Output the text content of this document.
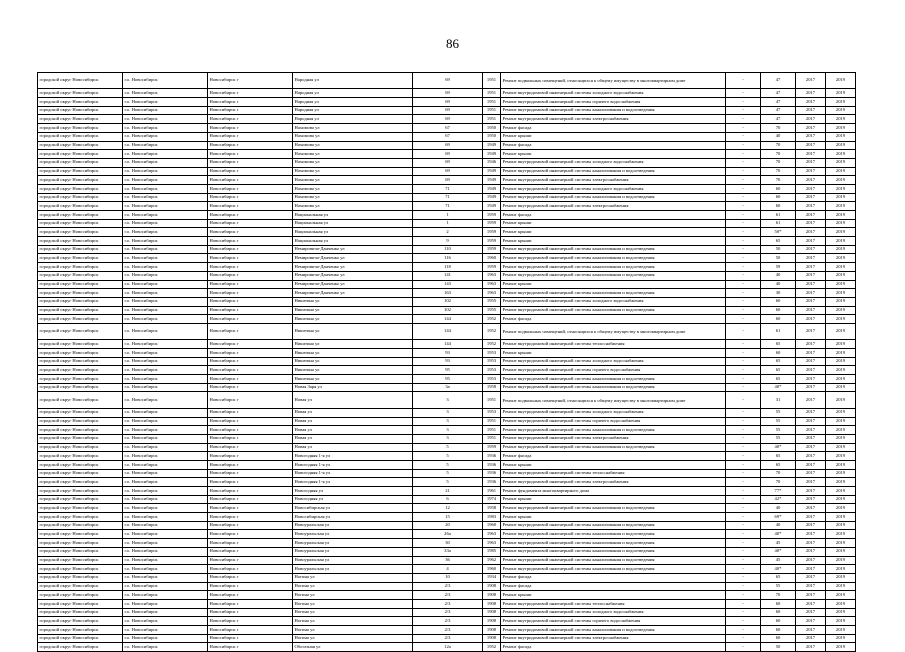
86
городской округ Новосибирск	г.о. Новосибирск	Новосибирск г	Народная ул	69	1951	Ремонт подвальных помещений, относящихся к общему имуществу в многоквартирном доме	-	47	2017	2019
городской округ Новосибирск	г.о. Новосибирск	Новосибирск г	Народная ул	69	1951	Ремонт внутридомовой инженерной системы холодного водоснабжения	-	47	2017	2019
городской округ Новосибирск	г.о. Новосибирск	Новосибирск г	Народная ул	69	1951	Ремонт внутридомовой инженерной системы горячего водоснабжения	-	47	2017	2019
городской округ Новосибирск	г.о. Новосибирск	Новосибирск г	Народная ул	69	1951	Ремонт внутридомовой инженерной системы канализования и водоотведения	-	47	2017	2019
городской округ Новосибирск	г.о. Новосибирск	Новосибирск г	Народная ул	69	1951	Ремонт внутридомовой инженерной системы электроснабжения	-	47	2017	2019
городской округ Новосибирск	г.о. Новосибирск	Новосибирск г	Нахимова ул	67	1950	Ремонт фасада	-	70	2017	2019
городской округ Новосибирск	г.о. Новосибирск	Новосибирск г	Нахимова ул	67	1950	Ремонт крыши	-	40	2017	2019
городской округ Новосибирск	г.о. Новосибирск	Новосибирск г	Нахимова ул	69	1949	Ремонт фасада	-	70	2017	2019
городской округ Новосибирск	г.о. Новосибирск	Новосибирск г	Нахимова ул	69	1949	Ремонт крыши	-	70	2017	2019
городской округ Новосибирск	г.о. Новосибирск	Новосибирск г	Нахимова ул	69	1946	Ремонт внутридомовой инженерной системы холодного водоснабжения	-	70	2017	2019
городской округ Новосибирск	г.о. Новосибирск	Новосибирск г	Нахимова ул	69	1949	Ремонт внутридомовой инженерной системы канализования и водоотведения	-	70	2017	2019
городской округ Новосибирск	г.о. Новосибирск	Новосибирск г	Нахимова ул	69	1949	Ремонт внутридомовой инженерной системы электроснабжения	-	70	2017	2019
городской округ Новосибирск	г.о. Новосибирск	Новосибирск г	Нахимова ул	71	1949	Ремонт внутридомовой инженерной системы холодного водоснабжения	-	60	2017	2019
городской округ Новосибирск	г.о. Новосибирск	Новосибирск г	Нахимова ул	71	1949	Ремонт внутридомовой инженерной системы канализования и водоотведения	-	60	2017	2019
городской округ Новосибирск	г.о. Новосибирск	Новосибирск г	Нахимова ул	71	1949	Ремонт внутридомовой инженерной системы электроснабжения	-	60	2017	2019
городской округ Новосибирск	г.о. Новосибирск	Новосибирск г	Национальная ул	1	1959	Ремонт фасада	-	61	2017	2019
городской округ Новосибирск	г.о. Новосибирск	Новосибирск г	Национальная ул	1	1959	Ремонт крыши	-	61	2017	2019
городской округ Новосибирск	г.о. Новосибирск	Новосибирск г	Национальная ул	2	1959	Ремонт крыши	-	50*	2017	2019
городской округ Новосибирск	г.о. Новосибирск	Новосибирск г	Национальная ул	9	1959	Ремонт крыши	-	65	2017	2019
городской округ Новосибирск	г.о. Новосибирск	Новосибирск г	Немировича-Данченко ул	110	1959	Ремонт внутридомовой инженерной системы канализования и водоотведения	-	50	2017	2019
городской округ Новосибирск	г.о. Новосибирск	Новосибирск г	Немировича-Данченко ул	116	1960	Ремонт внутридомовой инженерной системы канализования и водоотведения	-	50	2017	2019
городской округ Новосибирск	г.о. Новосибирск	Новосибирск г	Немировича-Данченко ул	118	1959	Ремонт внутридомовой инженерной системы канализования и водоотведения	-	59	2017	2019
городской округ Новосибирск	г.о. Новосибирск	Новосибирск г	Немировича-Данченко ул	141	1963	Ремонт внутридомовой инженерной системы канализования и водоотведения	-	40	2017	2019
городской округ Новосибирск	г.о. Новосибирск	Новосибирск г	Немировича-Данченко ул	143	1963	Ремонт крыши	-	40	2017	2019
городской округ Новосибирск	г.о. Новосибирск	Новосибирск г	Немировича-Данченко ул	163	1963	Ремонт внутридомовой инженерной системы канализования и водоотведения	-	30	2017	2019
городской округ Новосибирск	г.о. Новосибирск	Новосибирск г	Никитина ул	102	1955	Ремонт внутридомовой инженерной системы холодного водоснабжения	-	60	2017	2019
городской округ Новосибирск	г.о. Новосибирск	Новосибирск г	Никитина ул	102	1955	Ремонт внутридомовой инженерной системы канализования и водоотведения	-	60	2017	2019
городской округ Новосибирск	г.о. Новосибирск	Новосибирск г	Никитина ул	144	1952	Ремонт фасада	-	60	2017	2019
городской округ Новосибирск	г.о. Новосибирск	Новосибирск г	Никитина ул	144	1952	Ремонт подвальных помещений, относящихся к общему имуществу в многоквартирном доме	-	61	2017	2019
городской округ Новосибирск	г.о. Новосибирск	Новосибирск г	Никитина ул	144	1952	Ремонт внутридомовой инженерной системы теплоснабжения	-	65	2017	2019
городской округ Новосибирск	г.о. Новосибирск	Новосибирск г	Никитина ул	93	1953	Ремонт крыши	-	60	2017	2019
городской округ Новосибирск	г.о. Новосибирск	Новосибирск г	Никитина ул	93	1953	Ремонт внутридомовой инженерной системы холодного водоснабжения	-	65	2017	2019
городской округ Новосибирск	г.о. Новосибирск	Новосибирск г	Никитина ул	95	1953	Ремонт внутридомовой инженерной системы горячего водоснабжения	-	65	2017	2019
городской округ Новосибирск	г.о. Новосибирск	Новосибирск г	Никитина ул	95	1953	Ремонт внутридомовой инженерной системы канализования и водоотведения	-	65	2017	2019
городской округ Новосибирск	г.о. Новосибирск	Новосибирск г	Новая Заря ул	3а	1958	Ремонт внутридомовой инженерной системы канализования и водоотведения	-	40*	2017	2019
городской округ Новосибирск	г.о. Новосибирск	Новосибирск г	Новая ул	3	1951	Ремонт подвальных помещений, относящихся к общему имуществу в многоквартирном доме	-	31	2017	2019
городской округ Новосибирск	г.о. Новосибирск	Новосибирск г	Новая ул	3	1953	Ремонт внутридомовой инженерной системы холодного водоснабжения	-	55	2017	2019
городской округ Новосибирск	г.о. Новосибирск	Новосибирск г	Новая ул	3	1951	Ремонт внутридомовой инженерной системы горячего водоснабжения	-	55	2017	2019
городской округ Новосибирск	г.о. Новосибирск	Новосибирск г	Новая ул	3	1951	Ремонт внутридомовой инженерной системы канализования и водоотведения	-	55	2017	2019
городской округ Новосибирск	г.о. Новосибирск	Новосибирск г	Новая ул	3	1951	Ремонт внутридомовой инженерной системы электроснабжения	-	55	2017	2019
городской округ Новосибирск	г.о. Новосибирск	Новосибирск г	Новая ул	5	1959	Ремонт внутридомовой инженерной системы канализования и водоотведения	-	40*	2017	2019
городской округ Новосибирск	г.о. Новосибирск	Новосибирск г	Новогодняя 1-я ул	5	1936	Ремонт фасада	-	65	2017	2019
городской округ Новосибирск	г.о. Новосибирск	Новосибирск г	Новогодняя 1-я ул	5	1936	Ремонт крыши	-	65	2017	2019
городской округ Новосибирск	г.о. Новосибирск	Новосибирск г	Новогодняя 1-я ул	5	1936	Ремонт внутридомовой инженерной системы теплоснабжения	-	70	2017	2019
городской округ Новосибирск	г.о. Новосибирск	Новосибирск г	Новогодняя 1-я ул	5	1936	Ремонт внутридомовой инженерной системы электроснабжения	-	70	2017	2019
городской округ Новосибирск	г.о. Новосибирск	Новосибирск г	Новогодняя ул	21	1961	Ремонт фундамента многоквартирного дома	-	77*	2017	2019
городской округ Новосибирск	г.о. Новосибирск	Новосибирск г	Новогодняя ул	6	1974	Ремонт крыши	-	42*	2017	2019
городской округ Новосибирск	г.о. Новосибирск	Новосибирск г	Новосибирская ул	12	1958	Ремонт внутридомовой инженерной системы канализования и водоотведения	-	40	2017	2019
городской округ Новосибирск	г.о. Новосибирск	Новосибирск г	Новосибирская ул	15	1983	Ремонт крыши	-	69*	2017	2019
городской округ Новосибирск	г.о. Новосибирск	Новосибирск г	Новоуральская ул	20	1960	Ремонт внутридомовой инженерной системы канализования и водоотведения	-	40	2017	2019
городской округ Новосибирск	г.о. Новосибирск	Новосибирск г	Новоуральская ул	26а	1963	Ремонт внутридомовой инженерной системы канализования и водоотведения	-	40*	2017	2019
городской округ Новосибирск	г.о. Новосибирск	Новосибирск г	Новоуральская ул	30	1963	Ремонт внутридомовой инженерной системы канализования и водоотведения	-	45	2017	2019
городской округ Новосибирск	г.о. Новосибирск	Новосибирск г	Новоуральская ул	33а	1985	Ремонт внутридомовой инженерной системы канализования и водоотведения	-	40*	2017	2019
городской округ Новосибирск	г.о. Новосибирск	Новосибирск г	Новоуральская ул	36	1962	Ремонт внутридомовой инженерной системы канализования и водоотведения	-	45	2017	2019
городской округ Новосибирск	г.о. Новосибирск	Новосибирск г	Новоуральская ул	4	1960	Ремонт внутридомовой инженерной системы канализования и водоотведения	-	40*	2017	2019
городской округ Новосибирск	г.о. Новосибирск	Новосибирск г	Ногина ул	10	1934	Ремонт фасада	-	65	2017	2019
городской округ Новосибирск	г.о. Новосибирск	Новосибирск г	Ногина ул	2/3	1908	Ремонт фасада	-	55	2017	2019
городской округ Новосибирск	г.о. Новосибирск	Новосибирск г	Ногина ул	2/3	1908	Ремонт крыши	-	70	2017	2019
городской округ Новосибирск	г.о. Новосибирск	Новосибирск г	Ногина ул	2/3	1908	Ремонт внутридомовой инженерной системы теплоснабжения	-	60	2017	2019
городской округ Новосибирск	г.о. Новосибирск	Новосибирск г	Ногина ул	2/3	1908	Ремонт внутридомовой инженерной системы холодного водоснабжения	-	60	2017	2019
городской округ Новосибирск	г.о. Новосибирск	Новосибирск г	Ногина ул	2/3	1908	Ремонт внутридомовой инженерной системы горячего водоснабжения	-	60	2017	2019
городской округ Новосибирск	г.о. Новосибирск	Новосибирск г	Ногина ул	2/3	1908	Ремонт внутридомовой инженерной системы канализования и водоотведения	-	60	2017	2019
городской округ Новосибирск	г.о. Новосибирск	Новосибирск г	Ногина ул	2/3	1908	Ремонт внутридомовой инженерной системы электроснабжения	-	60	2017	2019
городской округ Новосибирск	г.о. Новосибирск	Новосибирск г	Обогатная ул	12а	1952	Ремонт фасада	-	50	2017	2019
